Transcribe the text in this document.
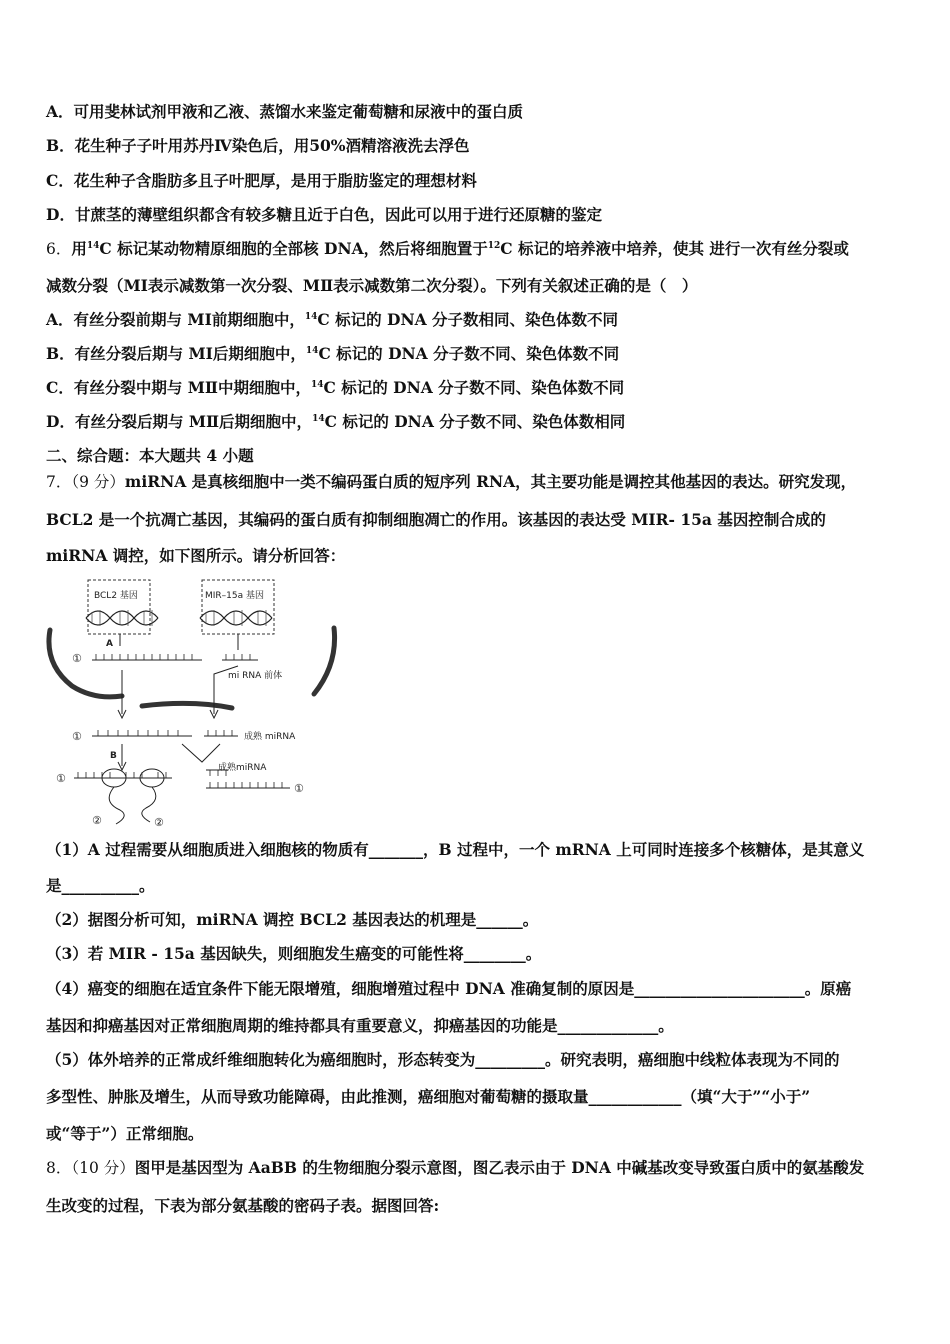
A．可用斐林试剂甲液和乙液、蒸馏水来鉴定葡萄糖和尿液中的蛋白质
B．花生种子子叶用苏丹Ⅳ染色后，用50%酒精溶液洗去浮色
C．花生种子含脂肪多且子叶肥厚，是用于脂肪鉴定的理想材料
D．甘蔗茎的薄壁组织都含有较多糖且近于白色，因此可以用于进行还原糖的鉴定
6．用$^{14}$C 标记某动物精原细胞的全部核 DNA，然后将细胞置于$^{12}$C 标记的培养液中培养，使其 进行一次有丝分裂或
减数分裂（MⅠ表示减数第一次分裂、MⅡ表示减数第二次分裂）。下列有关叙述正确的是（　）
A．有丝分裂前期与 MⅠ前期细胞中，$^{14}$C 标记的 DNA 分子数相同、染色体数不同
B．有丝分裂后期与 MⅠ后期细胞中，$^{14}$C 标记的 DNA 分子数不同、染色体数不同
C．有丝分裂中期与 MⅡ中期细胞中，$^{14}$C 标记的 DNA 分子数不同、染色体数不同
D．有丝分裂后期与 MⅡ后期细胞中，$^{14}$C 标记的 DNA 分子数不同、染色体数相同
二、综合题：本大题共 4 小题
7．（9 分）miRNA 是真核细胞中一类不编码蛋白质的短序列 RNA，其主要功能是调控其他基因的表达。研究发现，
BCL2 是一个抗凋亡基因，其编码的蛋白质有抑制细胞凋亡的作用。该基因的表达受 MIR- 15a 基因控制合成的
miRNA 调控，如下图所示。请分析回答：
BCL2 基因	MIR–15a 基因
A
①
mi RNA 前体
①	成熟 miRNA
B
①
②	②
成熟miRNA
①
（1）A 过程需要从细胞质进入细胞核的物质有_______，B 过程中，一个 mRNA 上可同时连接多个核糖体，是其意义
是__________。
（2）据图分析可知，miRNA 调控 BCL2 基因表达的机理是______。
（3）若 MIR - 15a 基因缺失，则细胞发生癌变的可能性将________。
（4）癌变的细胞在适宜条件下能无限增殖，细胞增殖过程中 DNA 准确复制的原因是______________________。原癌
基因和抑癌基因对正常细胞周期的维持都具有重要意义，抑癌基因的功能是_____________。
（5）体外培养的正常成纤维细胞转化为癌细胞时，形态转变为_________。研究表明，癌细胞中线粒体表现为不同的
多型性、肿胀及增生，从而导致功能障碍，由此推测，癌细胞对葡萄糖的摄取量____________（填“大于”“小于”
或“等于”）正常细胞。
8．（10 分）图甲是基因型为 AaBB 的生物细胞分裂示意图，图乙表示由于 DNA 中碱基改变导致蛋白质中的氨基酸发
生改变的过程，下表为部分氨基酸的密码子表。据图回答:
